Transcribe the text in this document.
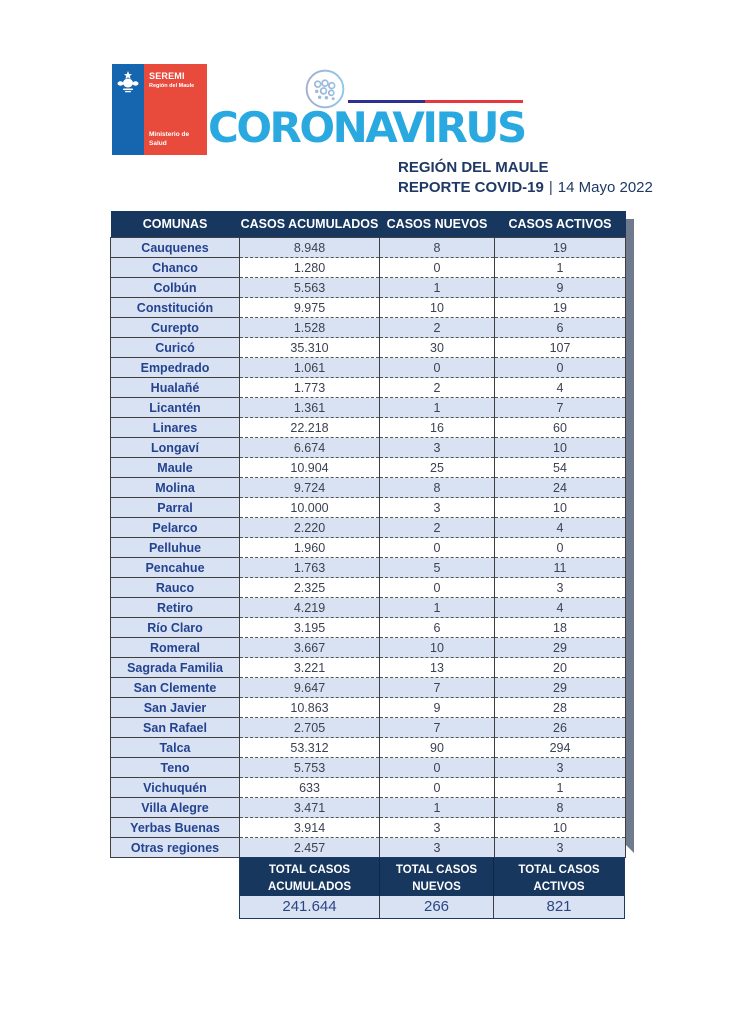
SEREMI
Región del Maule
Ministerio de
Salud CORONAVIRUS
REGIÓN DEL MAULE
REPORTE COVID-19 | 14 Mayo 2022
COMUNAS	CASOS ACUMULADOS	CASOS NUEVOS	CASOS ACTIVOS
Cauquenes	8.948	8	19
Chanco	1.280	0	1
Colbún	5.563	1	9
Constitución	9.975	10	19
Curepto	1.528	2	6
Curicó	35.310	30	107
Empedrado	1.061	0	0
Hualañé	1.773	2	4
Licantén	1.361	1	7
Linares	22.218	16	60
Longaví	6.674	3	10
Maule	10.904	25	54
Molina	9.724	8	24
Parral	10.000	3	10
Pelarco	2.220	2	4
Pelluhue	1.960	0	0
Pencahue	1.763	5	11
Rauco	2.325	0	3
Retiro	4.219	1	4
Río Claro	3.195	6	18
Romeral	3.667	10	29
Sagrada Familia	3.221	13	20
San Clemente	9.647	7	29
San Javier	10.863	9	28
San Rafael	2.705	7	26
Talca	53.312	90	294
Teno	5.753	0	3
Vichuquén	633	0	1
Villa Alegre	3.471	1	8
Yerbas Buenas	3.914	3	10
Otras regiones	2.457	3	3
TOTAL CASOS
ACUMULADOS
TOTAL CASOS
NUEVOS
TOTAL CASOS
ACTIVOS
241.644	266	821
